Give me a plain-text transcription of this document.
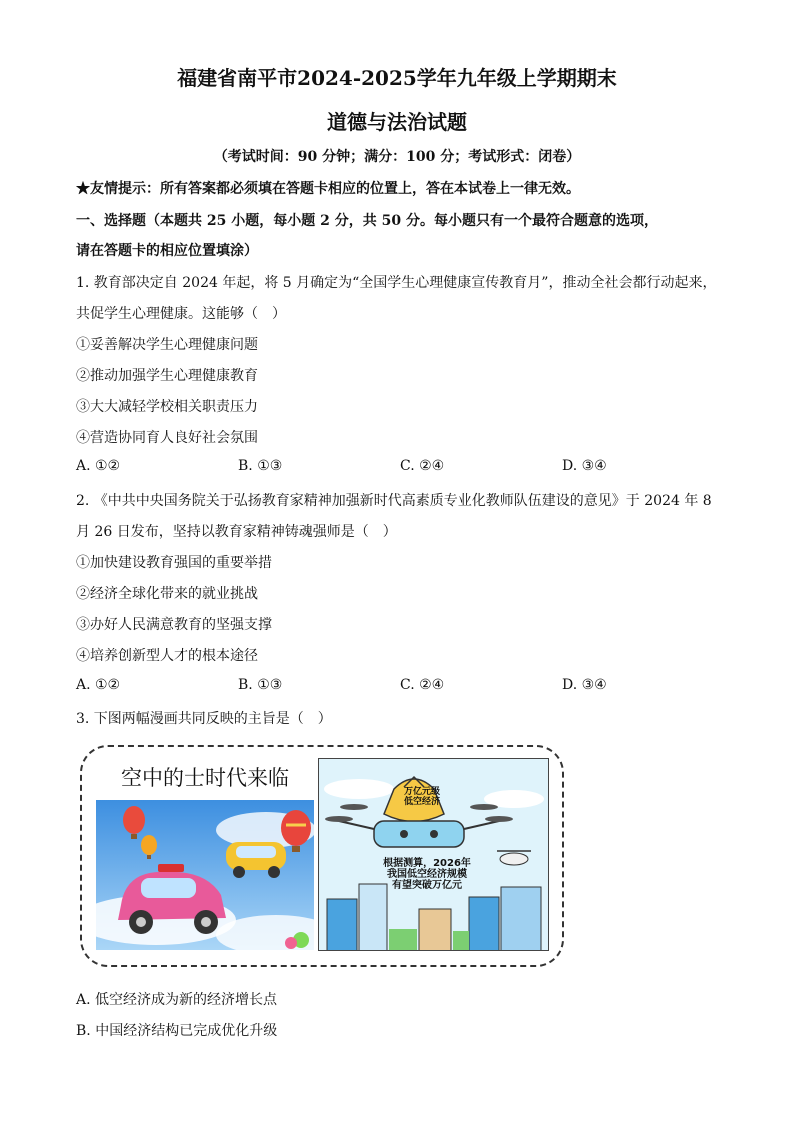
福建省南平市2024-2025学年九年级上学期期末
道德与法治试题
（考试时间：90 分钟；满分：100 分；考试形式：闭卷）
★友情提示：所有答案都必须填在答题卡相应的位置上，答在本试卷上一律无效。
一、选择题（本题共 25 小题，每小题 2 分，共 50 分。每小题只有一个最符合题意的选项，
请在答题卡的相应位置填涂）
1. 教育部决定自 2024 年起，将 5 月确定为“全国学生心理健康宣传教育月”，推动全社会都行动起来，
共促学生心理健康。这能够（　）
①妥善解决学生心理健康问题
②推动加强学生心理健康教育
③大大减轻学校相关职责压力
④营造协同育人良好社会氛围
A. ①②	B. ①③	C. ②④	D. ③④
2. 《中共中央国务院关于弘扬教育家精神加强新时代高素质专业化教师队伍建设的意见》于 2024 年 8
月 26 日发布，坚持以教育家精神铸魂强师是（　）
①加快建设教育强国的重要举措
②经济全球化带来的就业挑战
③办好人民满意教育的坚强支撑
④培养创新型人才的根本途径
A. ①②	B. ①③	C. ②④	D. ③④
3. 下图两幅漫画共同反映的主旨是（　）
空中的士时代来临
万亿元级
低空经济
根据测算，2026年
我国低空经济规模
有望突破万亿元
A. 低空经济成为新的经济增长点
B. 中国经济结构已完成优化升级
